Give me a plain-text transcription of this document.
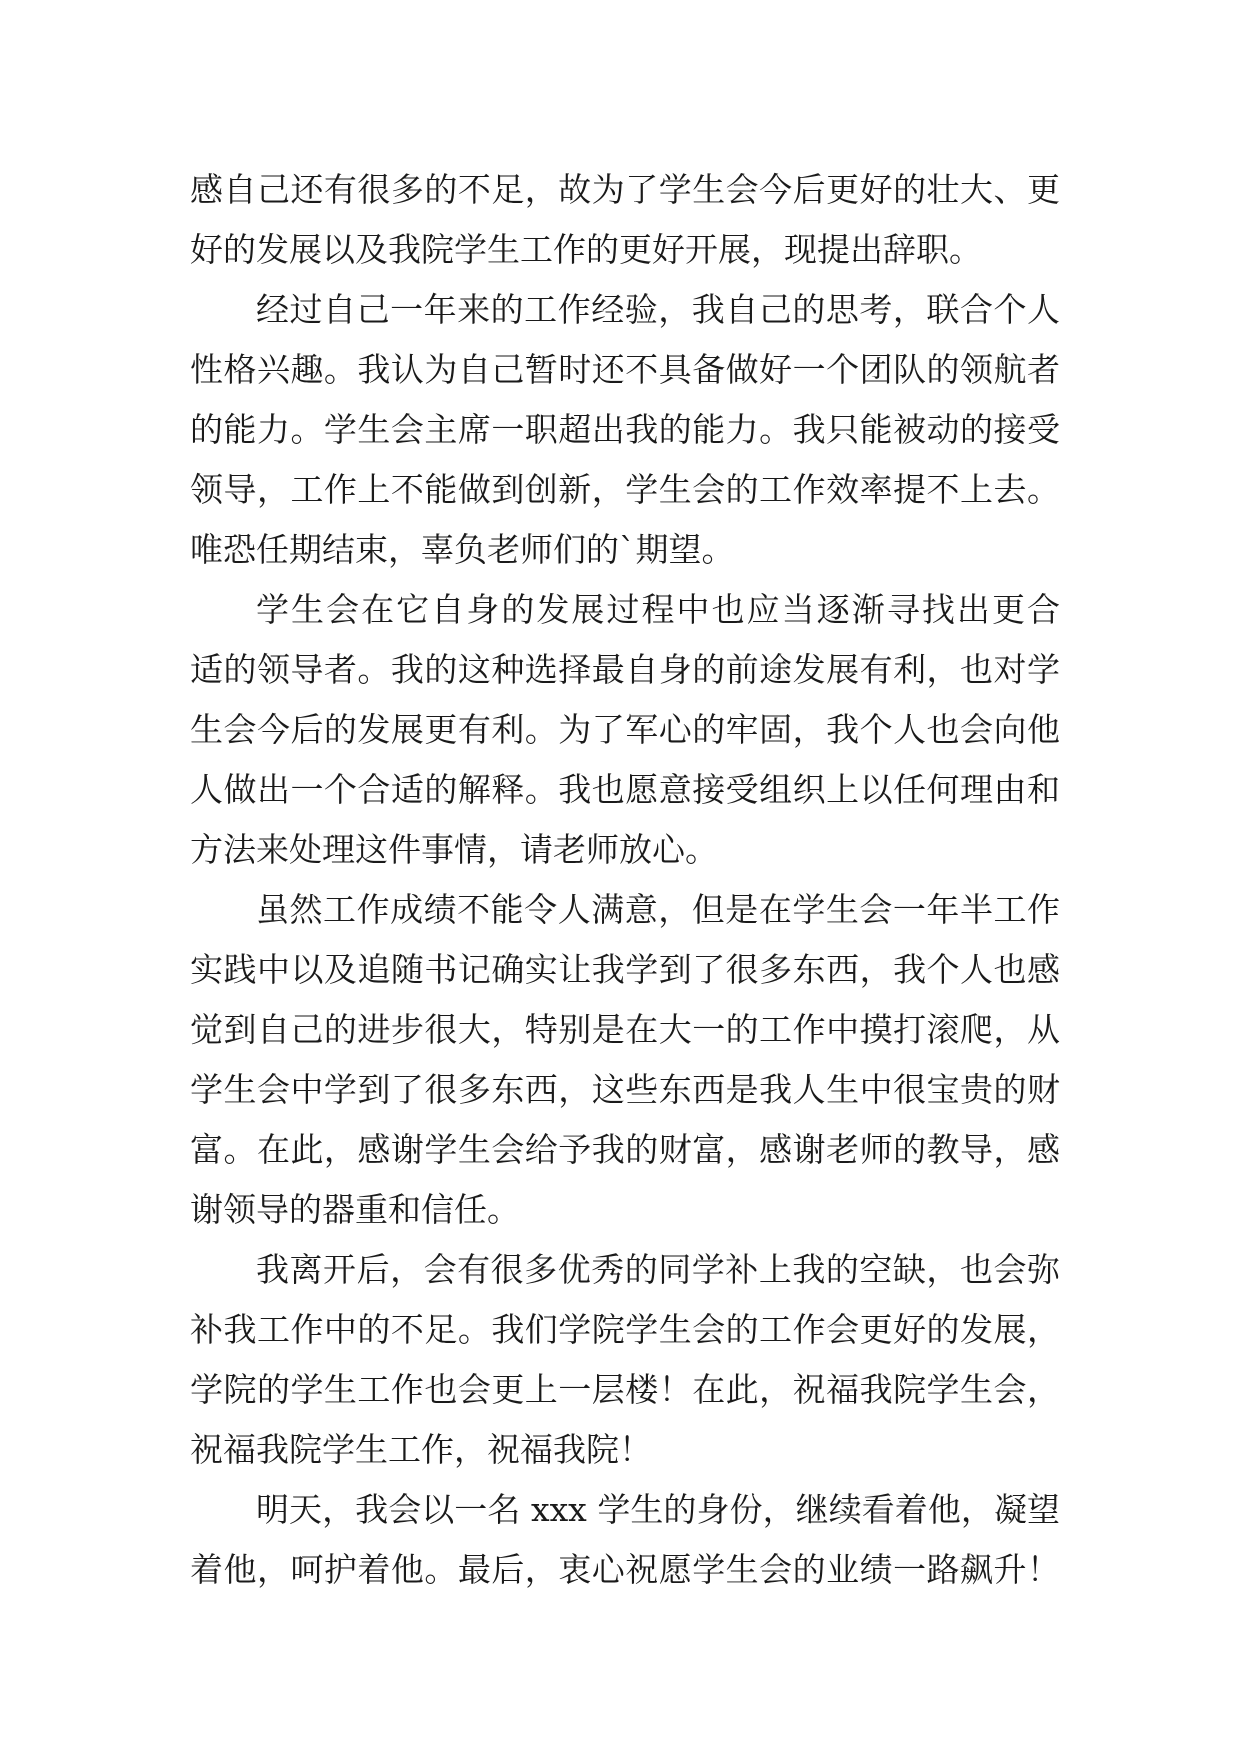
感自己还有很多的不足，故为了学生会今后更好的壮大、更
好的发展以及我院学生工作的更好开展，现提出辞职。
经过自己一年来的工作经验，我自己的思考，联合个人
性格兴趣。我认为自己暂时还不具备做好一个团队的领航者
的能力。学生会主席一职超出我的能力。我只能被动的接受
领导，工作上不能做到创新，学生会的工作效率提不上去。
唯恐任期结束，辜负老师们的`期望。
学生会在它自身的发展过程中也应当逐渐寻找出更合
适的领导者。我的这种选择最自身的前途发展有利，也对学
生会今后的发展更有利。为了军心的牢固，我个人也会向他
人做出一个合适的解释。我也愿意接受组织上以任何理由和
方法来处理这件事情，请老师放心。
虽然工作成绩不能令人满意，但是在学生会一年半工作
实践中以及追随书记确实让我学到了很多东西，我个人也感
觉到自己的进步很大，特别是在大一的工作中摸打滚爬，从
学生会中学到了很多东西，这些东西是我人生中很宝贵的财
富。在此，感谢学生会给予我的财富，感谢老师的教导，感
谢领导的器重和信任。
我离开后，会有很多优秀的同学补上我的空缺，也会弥
补我工作中的不足。我们学院学生会的工作会更好的发展，
学院的学生工作也会更上一层楼！在此，祝福我院学生会，
祝福我院学生工作，祝福我院！
明天，我会以一名 xxx 学生的身份，继续看着他，凝望
着他，呵护着他。最后，衷心祝愿学生会的业绩一路飙升！
